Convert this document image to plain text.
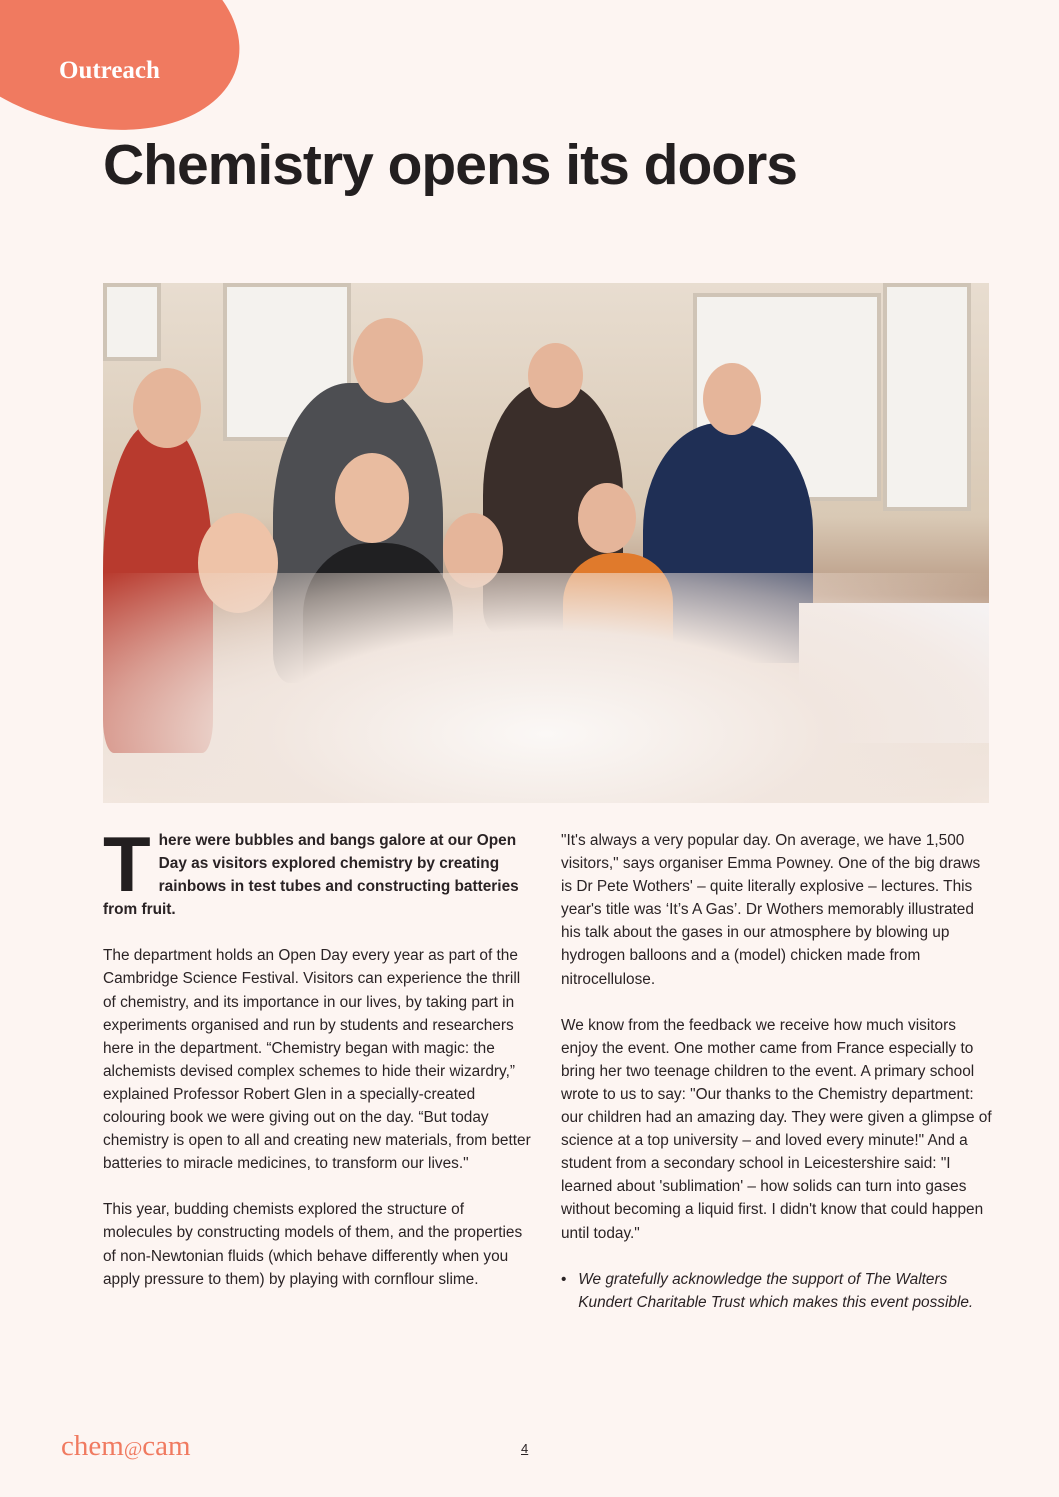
Outreach
Chemistry opens its doors

There were bubbles and bangs galore at our Open Day as visitors explored chemistry by creating rainbows in test tubes and constructing batteries from fruit.

The department holds an Open Day every year as part of the Cambridge Science Festival. Visitors can experience the thrill of chemistry, and its importance in our lives, by taking part in experiments organised and run by students and researchers here in the department. “Chemistry began with magic: the alchemists devised complex schemes to hide their wizardry,” explained Professor Robert Glen in a specially-created colouring book we were giving out on the day. “But today chemistry is open to all and creating new materials, from better batteries to miracle medicines, to transform our lives."

This year, budding chemists explored the structure of molecules by constructing models of them, and the properties of non-Newtonian fluids (which behave differently when you apply pressure to them) by playing with cornflour slime.

"It's always a very popular day. On average, we have 1,500 visitors," says organiser Emma Powney. One of the big draws is Dr Pete Wothers' – quite literally explosive – lectures. This year's title was ‘It’s A Gas’. Dr Wothers memorably illustrated his talk about the gases in our atmosphere by blowing up hydrogen balloons and a (model) chicken made from nitrocellulose.

We know from the feedback we receive how much visitors enjoy the event. One mother came from France especially to bring her two teenage children to the event. A primary school wrote to us to say: "Our thanks to the Chemistry department: our children had an amazing day. They were given a glimpse of science at a top university – and loved every minute!" And a student from a secondary school in Leicestershire said: "I learned about 'sublimation' – how solids can turn into gases without becoming a liquid first. I didn't know that could happen until today."

• We gratefully acknowledge the support of The Walters Kundert Charitable Trust which makes this event possible.
chem@cam	4
